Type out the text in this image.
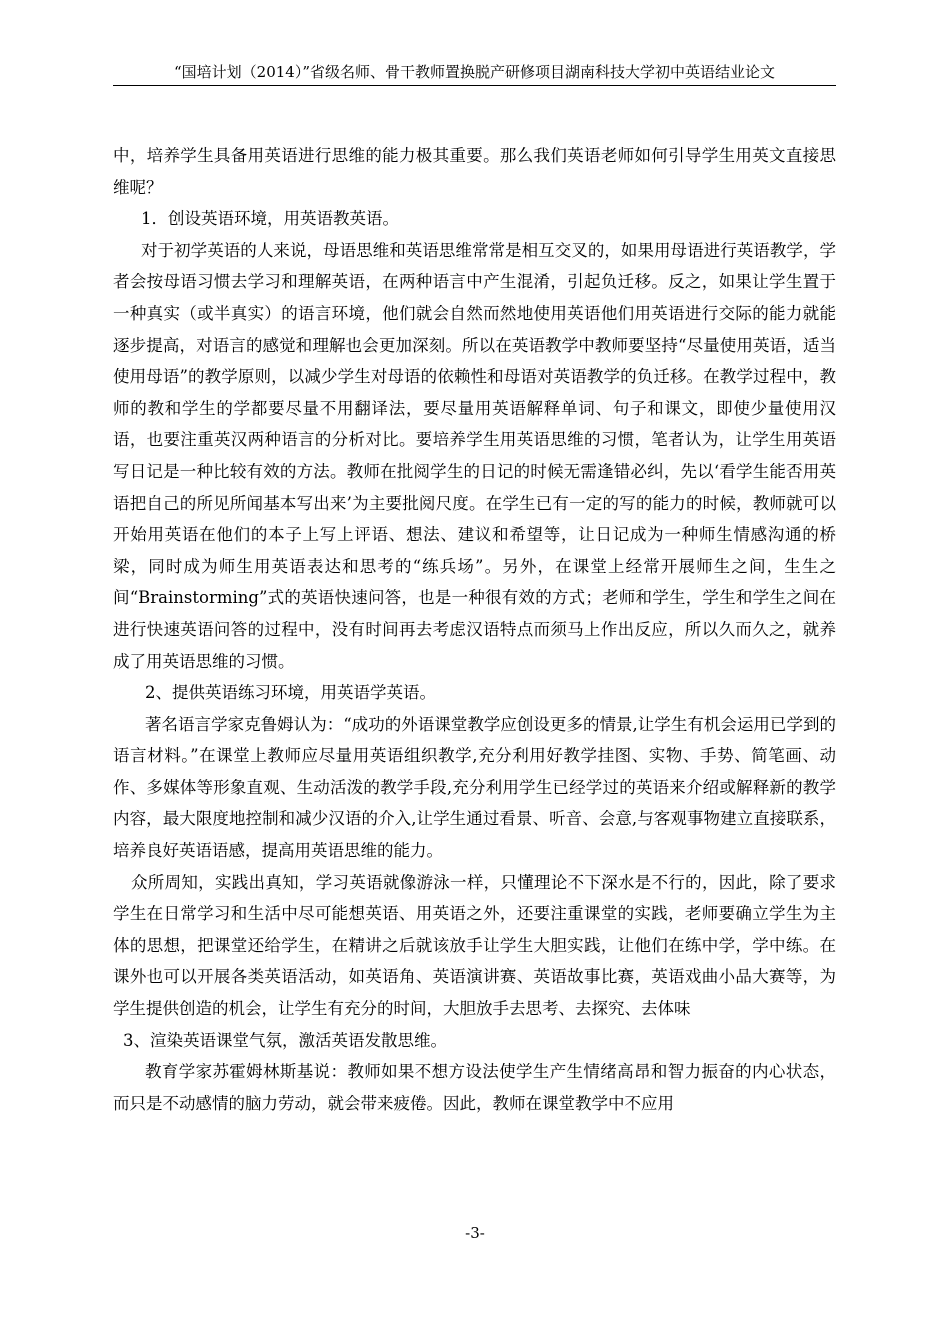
“国培计划（2014）”省级名师、骨干教师置换脱产研修项目湖南科技大学初中英语结业论文

中，培养学生具备用英语进行思维的能力极其重要。那么我们英语老师如何引导学生用英文直接思维呢？

1．创设英语环境，用英语教英语。

对于初学英语的人来说，母语思维和英语思维常常是相互交叉的，如果用母语进行英语教学，学者会按母语习惯去学习和理解英语，在两种语言中产生混淆，引起负迁移。反之，如果让学生置于一种真实（或半真实）的语言环境，他们就会自然而然地使用英语他们用英语进行交际的能力就能逐步提高，对语言的感觉和理解也会更加深刻。所以在英语教学中教师要坚持“尽量使用英语，适当使用母语”的教学原则，以减少学生对母语的依赖性和母语对英语教学的负迁移。在教学过程中，教师的教和学生的学都要尽量不用翻译法，要尽量用英语解释单词、句子和课文，即使少量使用汉语，也要注重英汉两种语言的分析对比。要培养学生用英语思维的习惯，笔者认为，让学生用英语写日记是一种比较有效的方法。教师在批阅学生的日记的时候无需逢错必纠，先以‘看学生能否用英语把自己的所见所闻基本写出来’为主要批阅尺度。在学生已有一定的写的能力的时候，教师就可以开始用英语在他们的本子上写上评语、想法、建议和希望等，让日记成为一种师生情感沟通的桥梁，同时成为师生用英语表达和思考的“练兵场”。另外，在课堂上经常开展师生之间，生生之间“Brainstorming”式的英语快速问答，也是一种很有效的方式；老师和学生，学生和学生之间在进行快速英语问答的过程中，没有时间再去考虑汉语特点而须马上作出反应，所以久而久之，就养成了用英语思维的习惯。

2、提供英语练习环境，用英语学英语。

著名语言学家克鲁姆认为：“成功的外语课堂教学应创设更多的情景,让学生有机会运用已学到的语言材料。”在课堂上教师应尽量用英语组织教学,充分利用好教学挂图、实物、手势、简笔画、动作、多媒体等形象直观、生动活泼的教学手段,充分利用学生已经学过的英语来介绍或解释新的教学内容，最大限度地控制和减少汉语的介入,让学生通过看景、听音、会意,与客观事物建立直接联系，培养良好英语语感，提高用英语思维的能力。

众所周知，实践出真知，学习英语就像游泳一样，只懂理论不下深水是不行的，因此，除了要求学生在日常学习和生活中尽可能想英语、用英语之外，还要注重课堂的实践，老师要确立学生为主体的思想，把课堂还给学生，在精讲之后就该放手让学生大胆实践，让他们在练中学，学中练。在课外也可以开展各类英语活动，如英语角、英语演讲赛、英语故事比赛，英语戏曲小品大赛等，为学生提供创造的机会，让学生有充分的时间，大胆放手去思考、去探究、去体味

3、渲染英语课堂气氛，激活英语发散思维。

教育学家苏霍姆林斯基说：教师如果不想方设法使学生产生情绪高昂和智力振奋的内心状态，而只是不动感情的脑力劳动，就会带来疲倦。因此，教师在课堂教学中不应用

-3-
